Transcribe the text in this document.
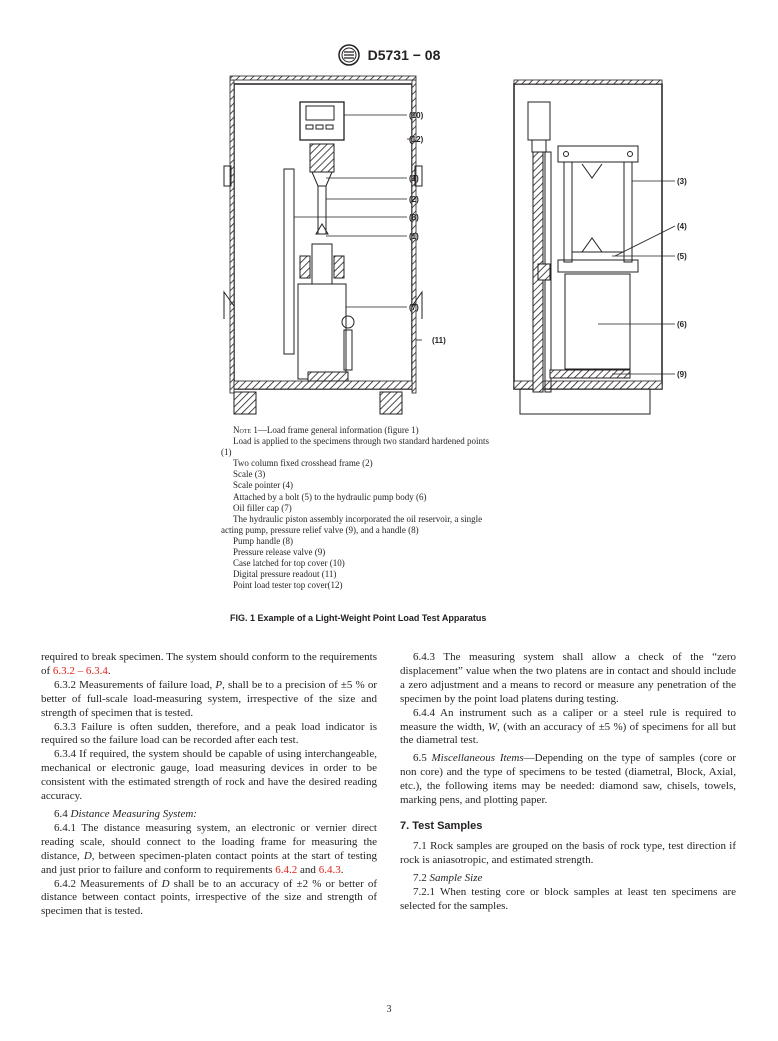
D5731 − 08
(10)
(12)
(1)
(2)
(8)
(1)
(7)
(11)
(3)
(4)
(5)
(6)
(9)
Note 1—Load frame general information (figure 1)
Load is applied to the specimens through two standard hardened points
(1)
Two column fixed crosshead frame (2)
Scale (3)
Scale pointer (4)
Attached by a bolt (5) to the hydraulic pump body (6)
Oil filler cap (7)
The hydraulic piston assembly incorporated the oil reservoir, a single
acting pump, pressure relief valve (9), and a handle (8)
Pump handle (8)
Pressure release valve (9)
Case latched for top cover (10)
Digital pressure readout (11)
Point load tester top cover(12)
FIG. 1 Example of a Light-Weight Point Load Test Apparatus

required to break specimen. The system should conform to the requirements of 6.3.2 – 6.3.4.

6.3.2 Measurements of failure load, P, shall be to a precision of ±5 % or better of full-scale load-measuring system, irrespective of the size and strength of specimen that is tested.

6.3.3 Failure is often sudden, therefore, and a peak load indicator is required so the failure load can be recorded after each test.

6.3.4 If required, the system should be capable of using interchangeable, mechanical or electronic gauge, load measuring devices in order to be consistent with the estimated strength of rock and have the desired reading accuracy.

6.4 Distance Measuring System:

6.4.1 The distance measuring system, an electronic or vernier direct reading scale, should connect to the loading frame for measuring the distance, D, between specimen-platen contact points at the start of testing and just prior to failure and conform to requirements 6.4.2 and 6.4.3.

6.4.2 Measurements of D shall be to an accuracy of ±2 % or better of distance between contact points, irrespective of the size and strength of specimen that is tested.

6.4.3 The measuring system shall allow a check of the “zero displacement” value when the two platens are in contact and should include a zero adjustment and a means to record or measure any penetration of the specimen by the point load platens during testing.

6.4.4 An instrument such as a caliper or a steel rule is required to measure the width, W, (with an accuracy of ±5 %) of specimens for all but the diametral test.

6.5 Miscellaneous Items—Depending on the type of samples (core or non core) and the type of specimens to be tested (diametral, Block, Axial, etc.), the following items may be needed: diamond saw, chisels, towels, marking pens, and plotting paper.

7. Test Samples

7.1 Rock samples are grouped on the basis of rock type, test direction if rock is aniasotropic, and estimated strength.

7.2 Sample Size

7.2.1 When testing core or block samples at least ten specimens are selected for the samples.

3
